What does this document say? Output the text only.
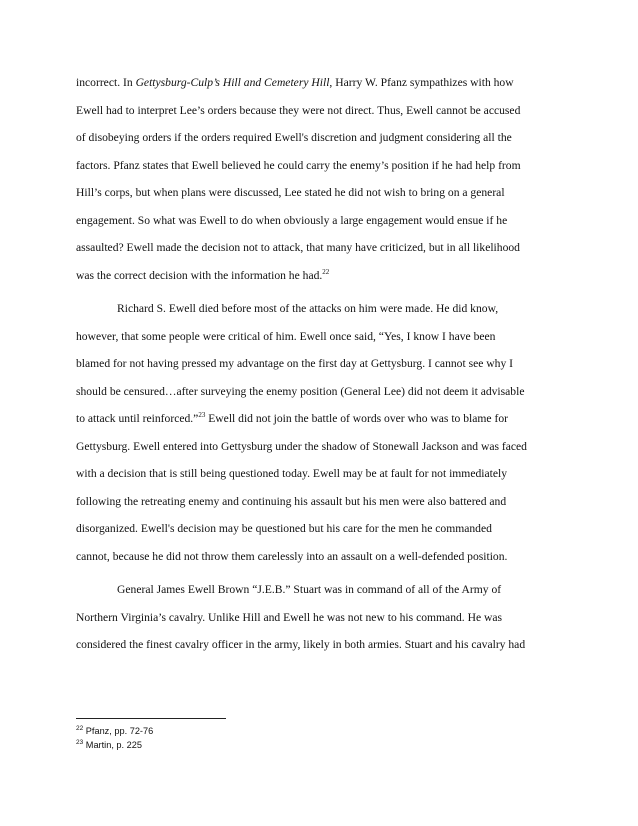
incorrect. In Gettysburg-Culp’s Hill and Cemetery Hill, Harry W. Pfanz sympathizes with how
Ewell had to interpret Lee’s orders because they were not direct. Thus, Ewell cannot be accused
of disobeying orders if the orders required Ewell's discretion and judgment considering all the
factors. Pfanz states that Ewell believed he could carry the enemy’s position if he had help from
Hill’s corps, but when plans were discussed, Lee stated he did not wish to bring on a general
engagement. So what was Ewell to do when obviously a large engagement would ensue if he
assaulted? Ewell made the decision not to attack, that many have criticized, but in all likelihood
was the correct decision with the information he had.$^{22}$
Richard S. Ewell died before most of the attacks on him were made. He did know,
however, that some people were critical of him. Ewell once said, “Yes, I know I have been
blamed for not having pressed my advantage on the first day at Gettysburg. I cannot see why I
should be censured…after surveying the enemy position (General Lee) did not deem it advisable
to attack until reinforced.”$^{23}$ Ewell did not join the battle of words over who was to blame for
Gettysburg. Ewell entered into Gettysburg under the shadow of Stonewall Jackson and was faced
with a decision that is still being questioned today. Ewell may be at fault for not immediately
following the retreating enemy and continuing his assault but his men were also battered and
disorganized. Ewell's decision may be questioned but his care for the men he commanded
cannot, because he did not throw them carelessly into an assault on a well-defended position.
General James Ewell Brown “J.E.B.” Stuart was in command of all of the Army of
Northern Virginia’s cavalry. Unlike Hill and Ewell he was not new to his command. He was
considered the finest cavalry officer in the army, likely in both armies. Stuart and his cavalry had
$^{22}$ Pfanz, pp. 72-76
$^{23}$ Martin, p. 225
